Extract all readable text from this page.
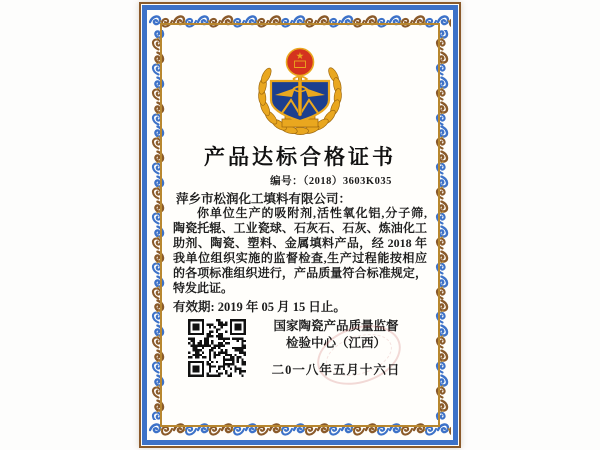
★
产品达标合格证书
编号：（2018）3603K035
萍乡市松润化工填料有限公司：
你单位生产的吸附剂,活性氧化铝,分子筛,
陶瓷托辊、工业瓷球、石灰石、石灰、炼油化工
助剂、陶瓷、塑料、金属填料产品，经 2018 年
我单位组织实施的监督检查,生产过程能按相应
的各项标准组织进行，产品质量符合标准规定，
特发此证。
有效期: 2019 年 05 月 15 日止。
国家陶瓷产品质量监督
检验中心（江西）
二0一八年五月十六日
